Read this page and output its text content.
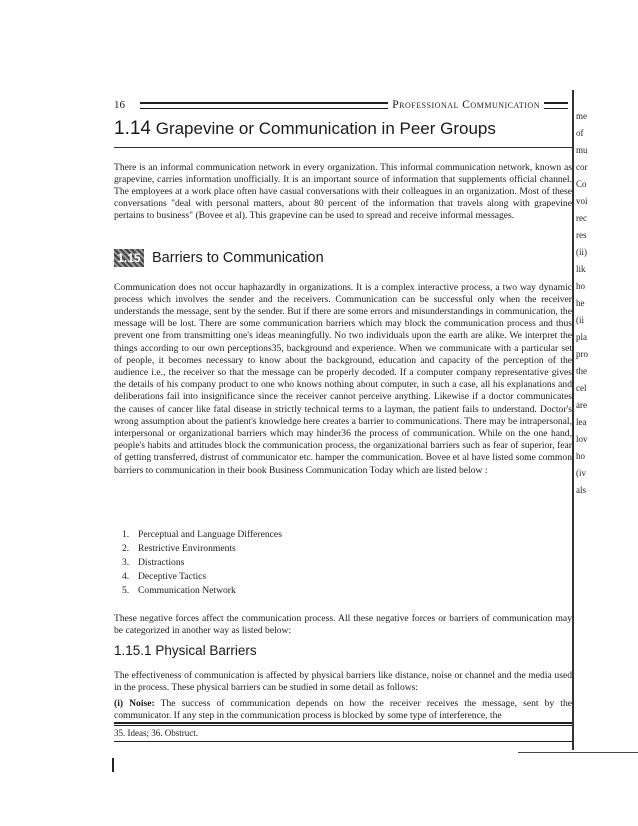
16	Professional Communication
1.14 Grapevine or Communication in Peer Groups

There is an informal communication network in every organization. This informal communication network, known as grapevine, carries information unofficially. It is an important source of information that supplements official channel. The employees at a work place often have casual conversations with their colleagues in an organization. Most of these conversations "deal with personal matters, about 80 percent of the information that travels along with grapevine pertains to business" (Bovee et al). This grapevine can be used to spread and receive informal messages.

1.15 Barriers to Communication

Communication does not occur haphazardly in organizations. It is a complex interactive process, a two way dynamic process which involves the sender and the receivers. Communication can be successful only when the receiver understands the message, sent by the sender. But if there are some errors and misunderstandings in communication, the message will be lost. There are some communication barriers which may block the communication process and thus prevent one from transmitting one's ideas meaningfully. No two individuals upon the earth are alike. We interpret the things according to our own perceptions35, background and experience. When we communicate with a particular set of people, it becomes necessary to know about the background, education and capacity of the perception of the audience i.e., the receiver so that the message can be properly decoded. If a computer company representative gives the details of his company product to one who knows nothing about computer, in such a case, all his explanations and deliberations fail into insignificance since the receiver cannot perceive anything. Likewise if a doctor communicates the causes of cancer like fatal disease in strictly technical terms to a layman, the patient fails to understand. Doctor's wrong assumption about the patient's knowledge here creates a barrier to communications. There may be intrapersonal, interpersonal or organizational barriers which may hinder36 the process of communication. While on the one hand, people's habits and attitudes block the communication process, the organizational barriers such as fear of superior, fear of getting transferred, distrust of communicator etc. hamper the communication. Bovee et al have listed some common barriers to communication in their book Business Communication Today which are listed below :

1. Perceptual and Language Differences
2. Restrictive Environments
3. Distractions
4. Deceptive Tactics
5. Communication Network

These negative forces affect the communication process. All these negative forces or barriers of communication may be categorized in another way as listed below:

1.15.1 Physical Barriers

The effectiveness of communication is affected by physical barriers like distance, noise or channel and the media used in the process. These physical barriers can be studied in some detail as follows:

(i) Noise: The success of communication depends on how the receiver receives the message, sent by the communicator. If any step in the communication process is blocked by some type of interference, the

35. Ideas; 36. Obstruct.
me
of
mu
cor
Co
voi
rec
res
(ii)
lik
ho
he
(ii
pla
pro
the
cel
are
lea
lov
ho
(iv
als
